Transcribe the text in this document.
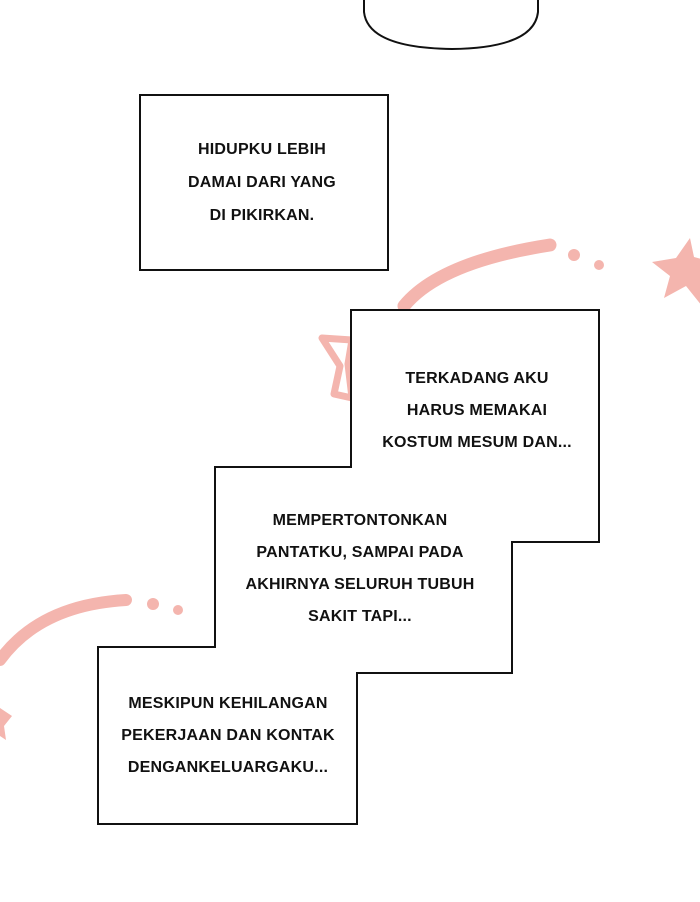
HIDUPKU LEBIH
DAMAI DARI YANG
DI PIKIRKAN.
TERKADANG AKU
HARUS MEMAKAI
KOSTUM MESUM DAN...
MEMPERTONTONKAN
PANTATKU, SAMPAI PADA
AKHIRNYA SELURUH TUBUH
SAKIT TAPI...
MESKIPUN KEHILANGAN
PEKERJAAN DAN KONTAK
DENGANKELUARGAKU...
